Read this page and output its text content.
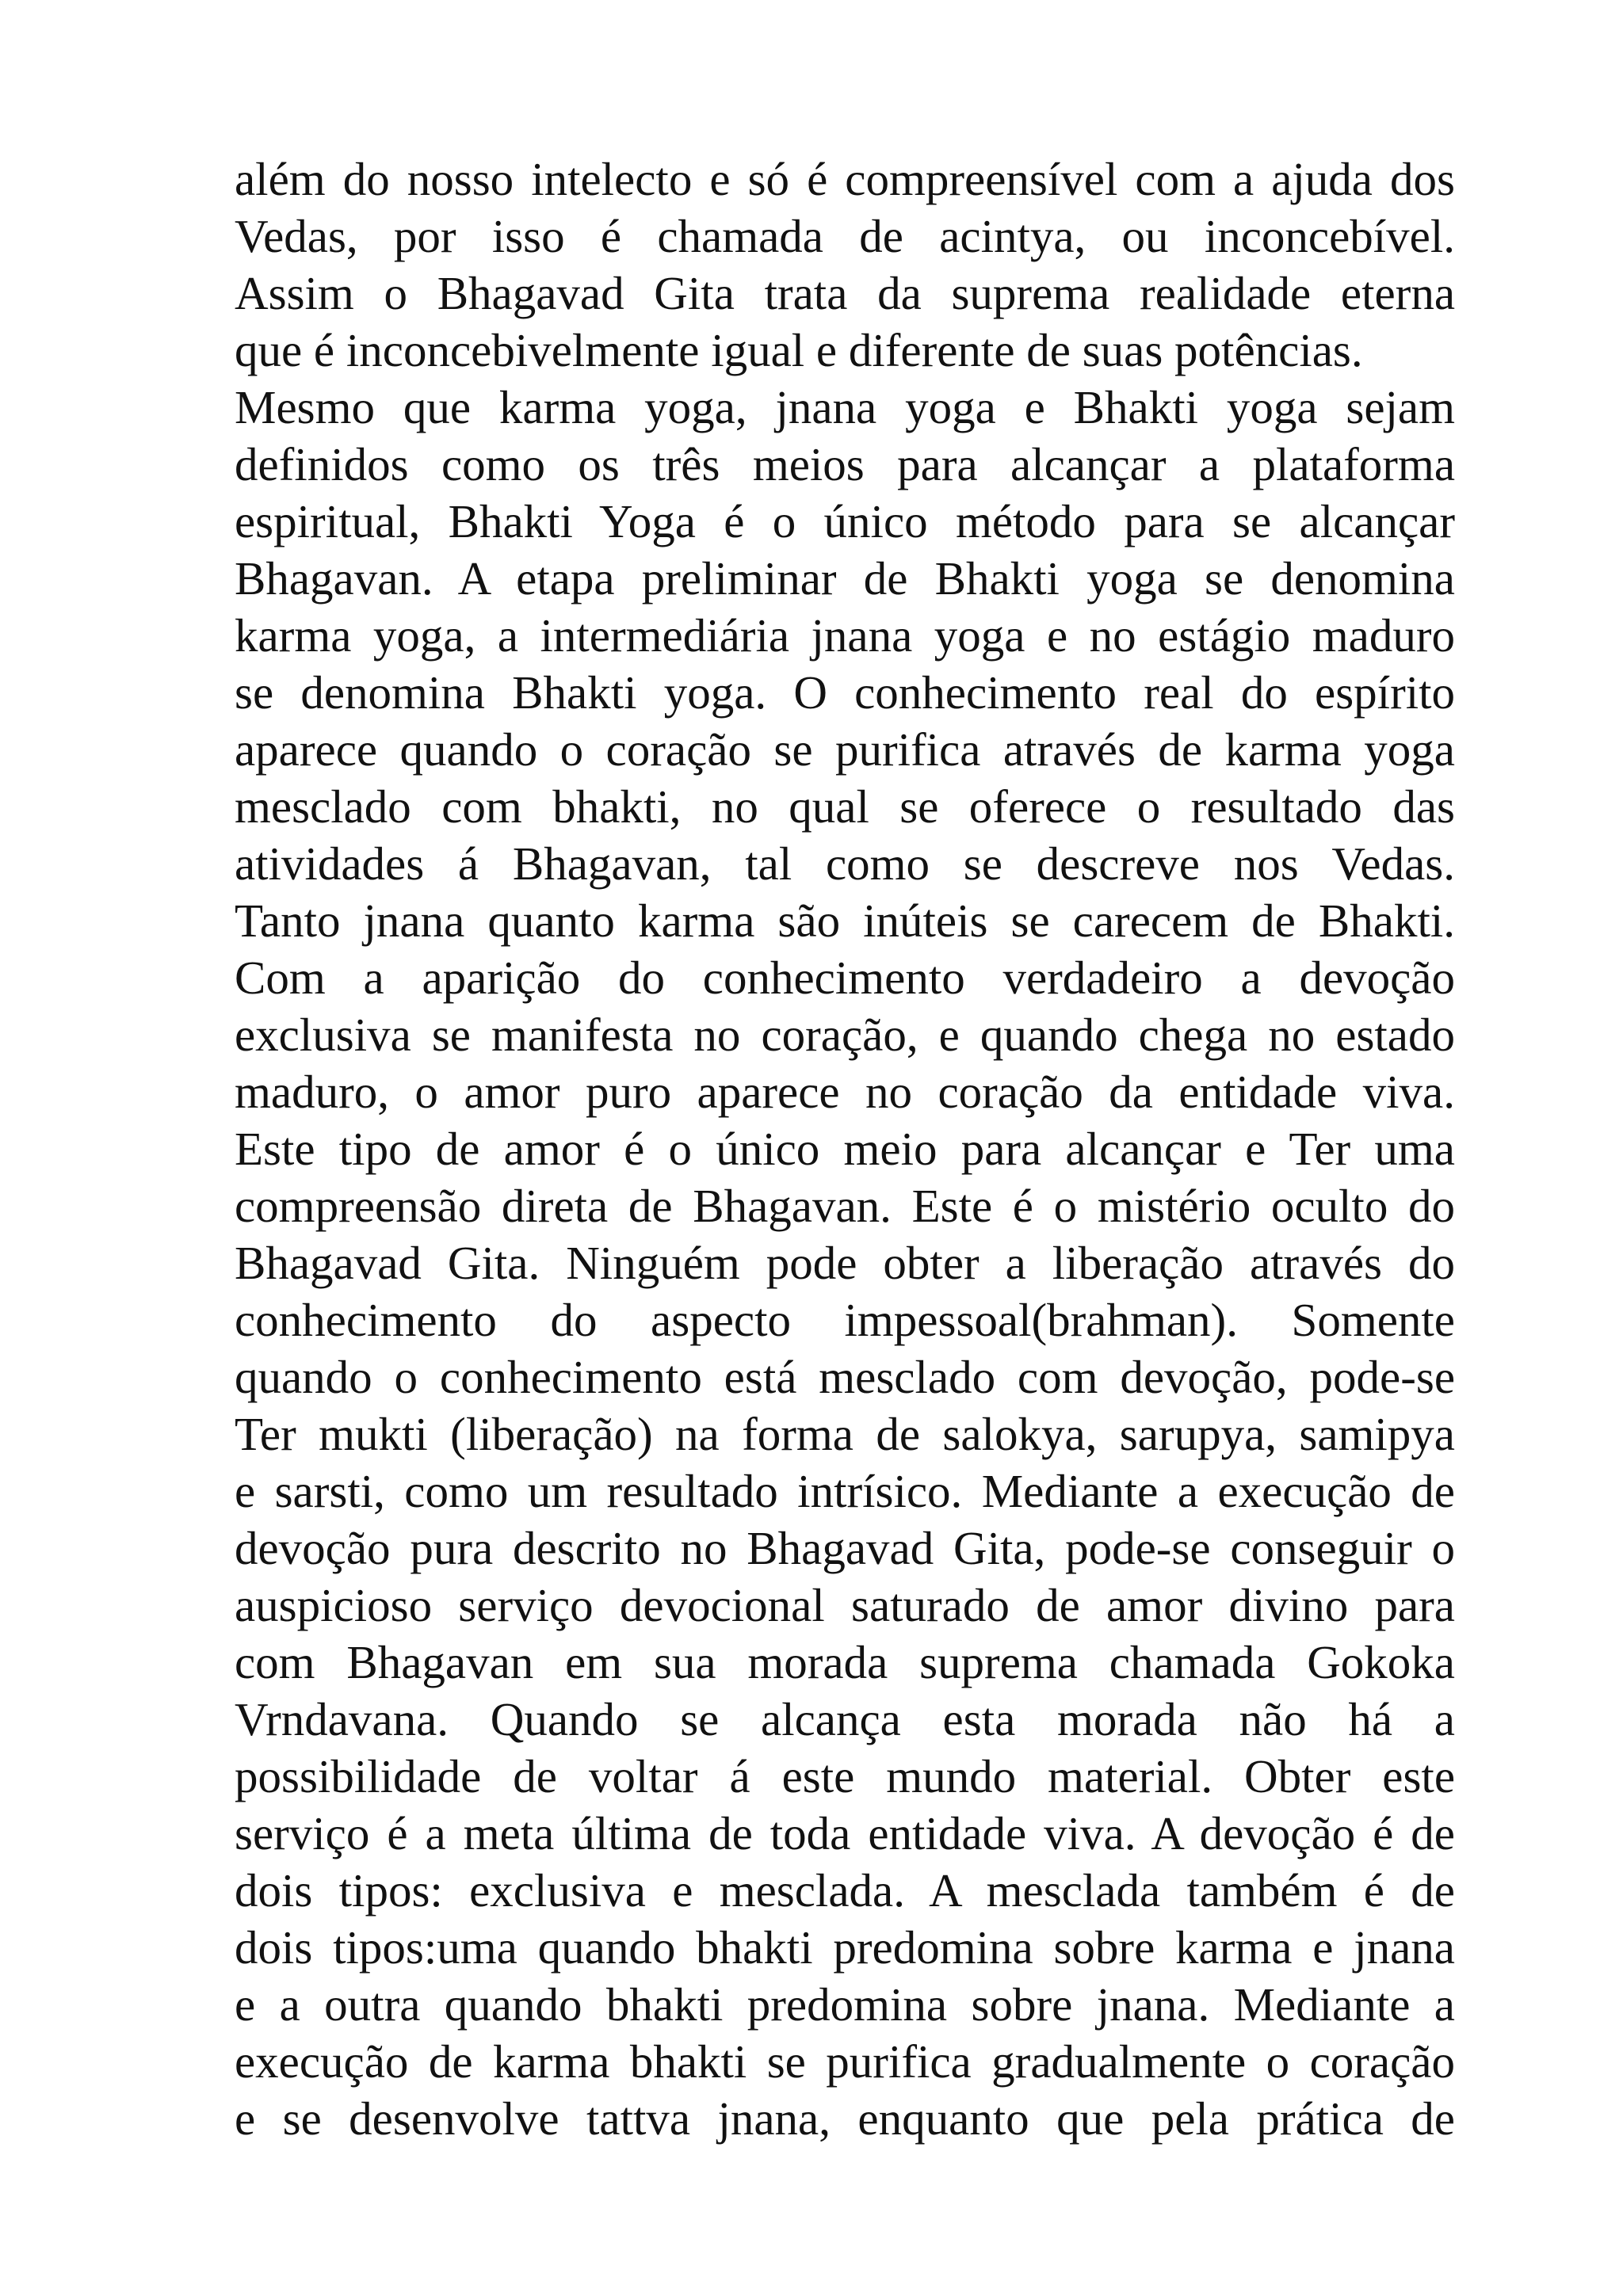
além do nosso intelecto e só é compreensível com a ajuda dos
Vedas, por isso é chamada de acintya, ou inconcebível.
Assim o Bhagavad Gita trata da suprema realidade eterna
que é inconcebivelmente igual e diferente de suas potências.
Mesmo que karma yoga, jnana yoga e Bhakti yoga sejam
definidos como os três meios para alcançar a plataforma
espiritual, Bhakti Yoga é o único método para se alcançar
Bhagavan. A etapa preliminar de Bhakti yoga se denomina
karma yoga, a intermediária jnana yoga e no estágio maduro
se denomina Bhakti yoga. O conhecimento real do espírito
aparece quando o coração se purifica através de karma yoga
mesclado com bhakti, no qual se oferece o resultado das
atividades á Bhagavan, tal como se descreve nos Vedas.
Tanto jnana quanto karma são inúteis se carecem de Bhakti.
Com a aparição do conhecimento verdadeiro a devoção
exclusiva se manifesta no coração, e quando chega no estado
maduro, o amor puro aparece no coração da entidade viva.
Este tipo de amor é o único meio para alcançar e Ter uma
compreensão direta de Bhagavan. Este é o mistério oculto do
Bhagavad Gita. Ninguém pode obter a liberação através do
conhecimento do aspecto impessoal(brahman). Somente
quando o conhecimento está mesclado com devoção, pode-se
Ter mukti (liberação) na forma de salokya, sarupya, samipya
e sarsti, como um resultado intrísico. Mediante a execução de
devoção pura descrito no Bhagavad Gita, pode-se conseguir o
auspicioso serviço devocional saturado de amor divino para
com Bhagavan em sua morada suprema chamada Gokoka
Vrndavana. Quando se alcança esta morada não há a
possibilidade de voltar á este mundo material. Obter este
serviço é a meta última de toda entidade viva. A devoção é de
dois tipos: exclusiva e mesclada. A mesclada também é de
dois tipos:uma quando bhakti predomina sobre karma e jnana
e a outra quando bhakti predomina sobre jnana. Mediante a
execução de karma bhakti se purifica gradualmente o coração
e se desenvolve tattva jnana, enquanto que pela prática de
